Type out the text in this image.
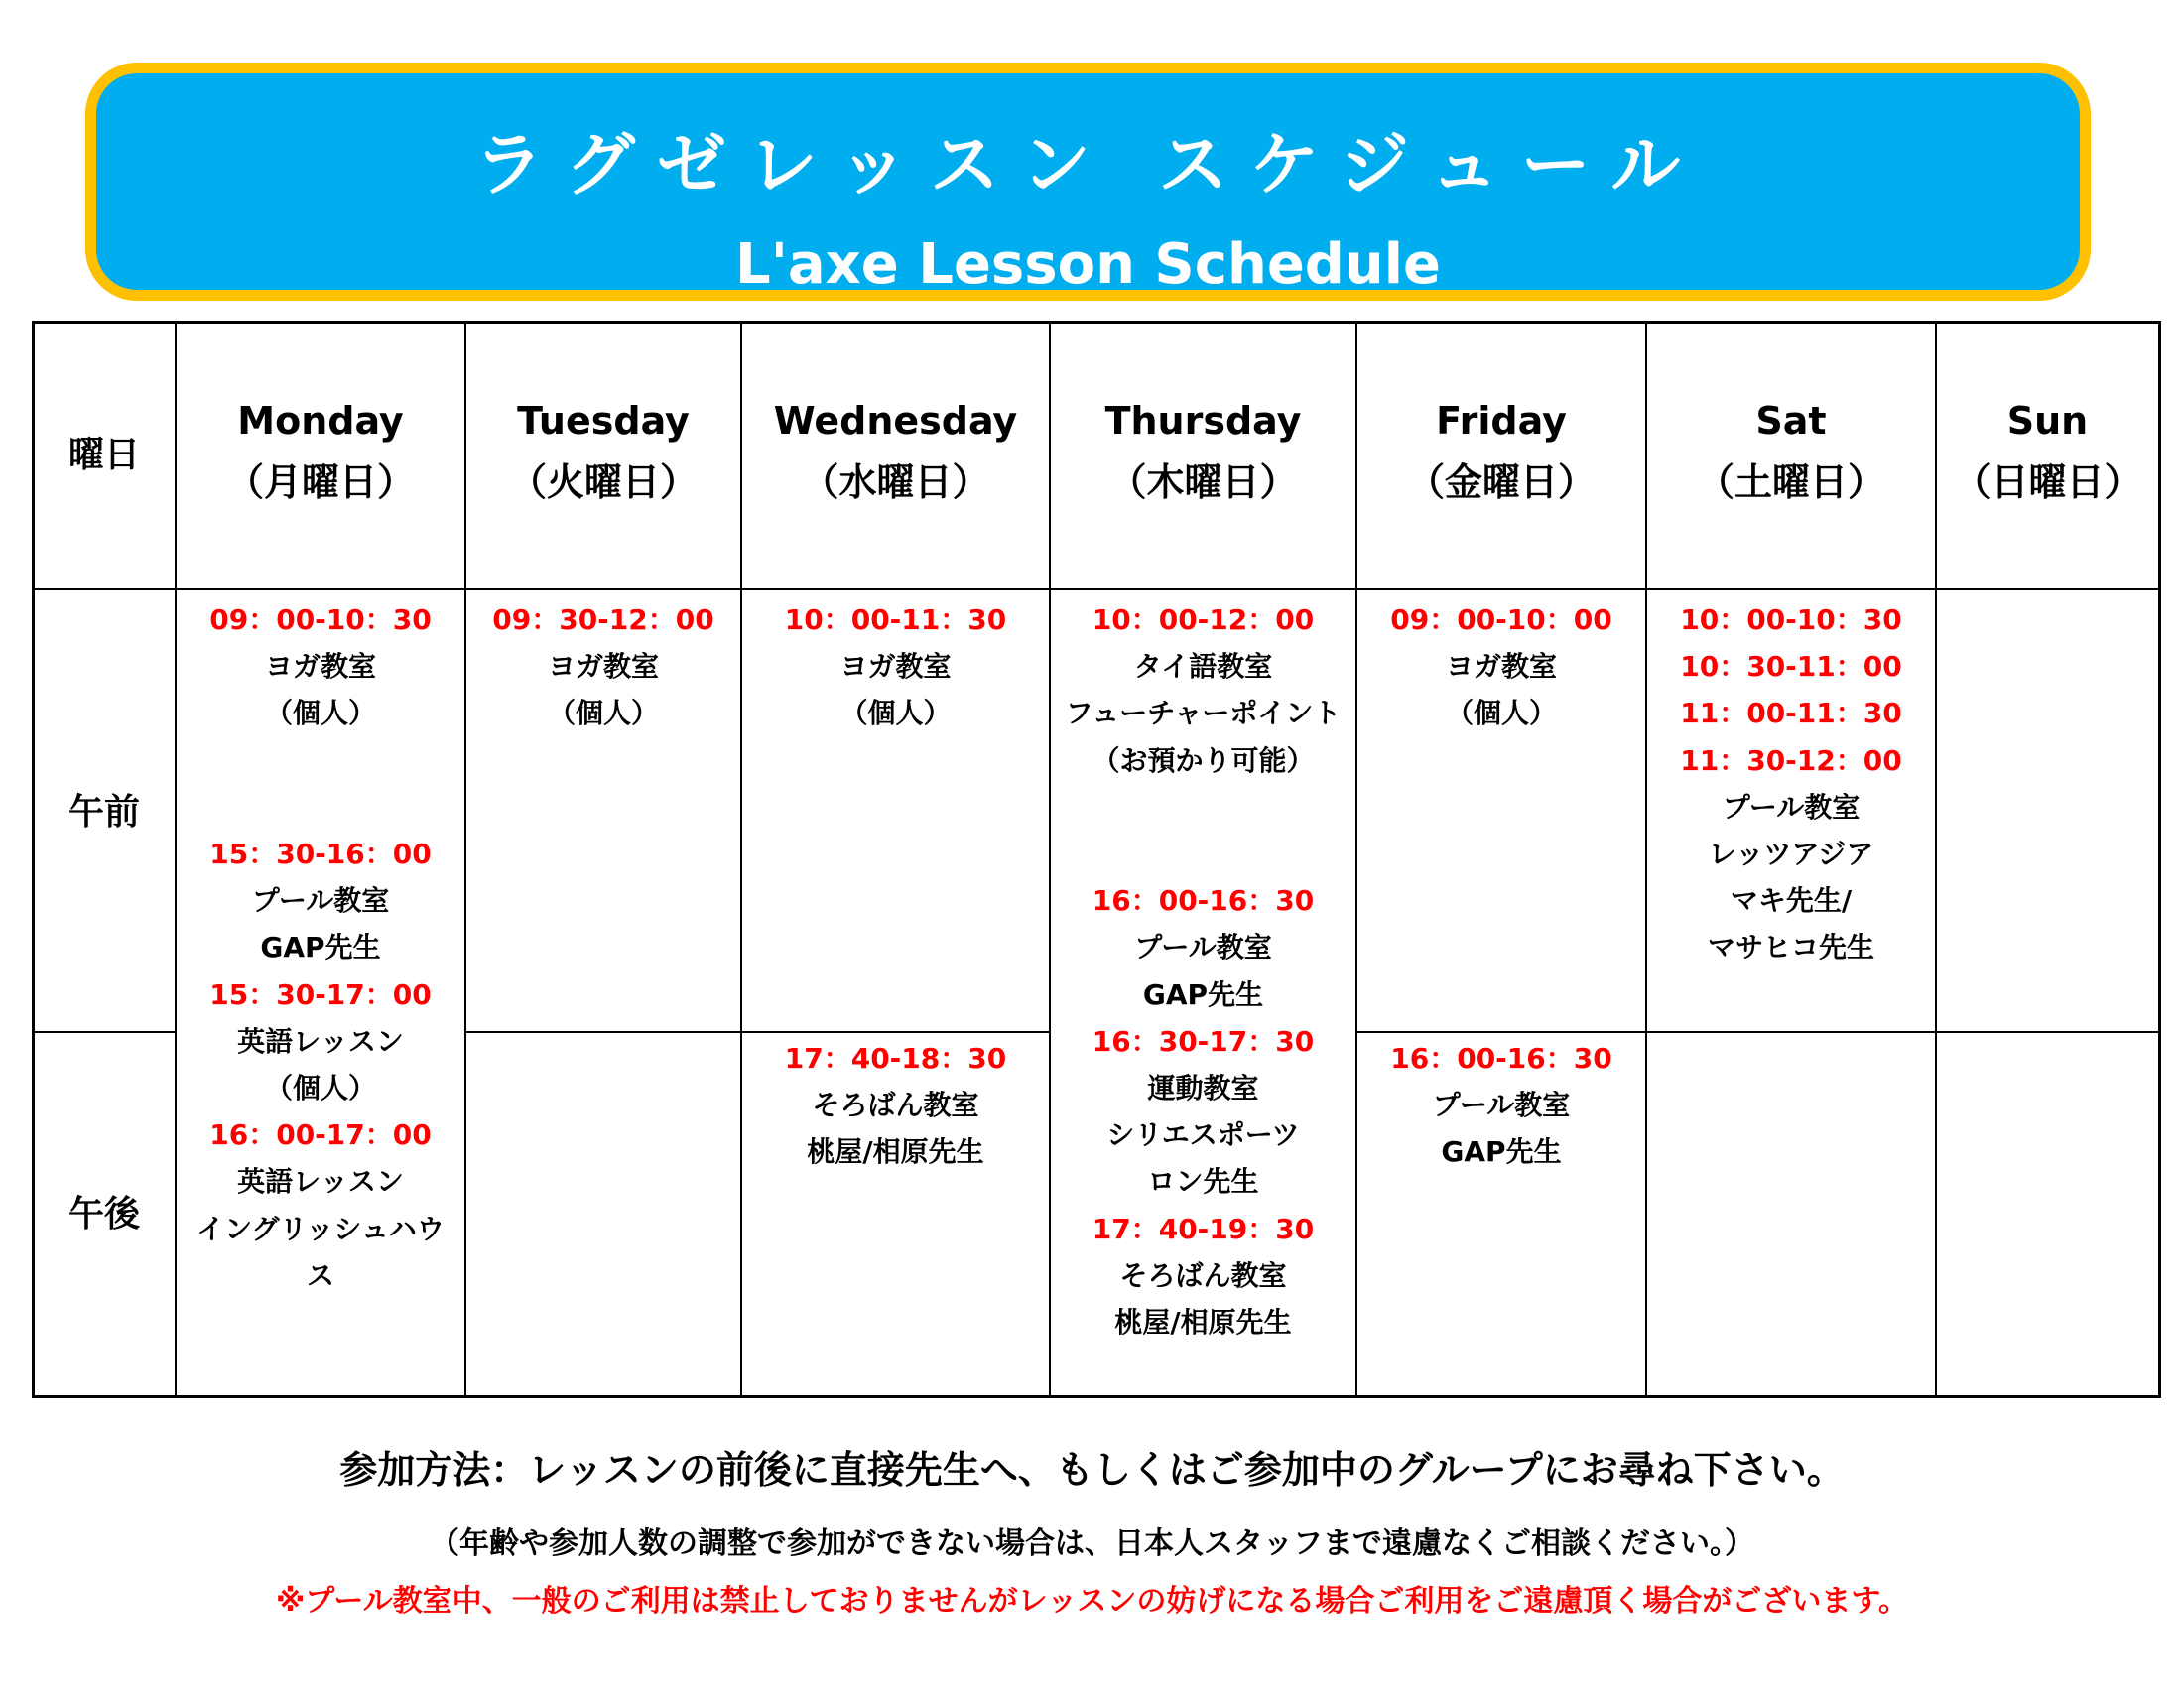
ラグゼレッスン スケジュール
L'axe Lesson Schedule
曜日
Monday
（月曜日）
Tuesday
（火曜日）
Wednesday
（水曜日）
Thursday
（木曜日）
Friday
（金曜日）
Sat
（土曜日）
Sun
（日曜日）
午前
午後
09：00-10：30
ヨガ教室
（個人）
15：30-16：00
プール教室
GAP先生
15：30-17：00
英語レッスン
（個人）
16：00-17：00
英語レッスン
イングリッシュハウ
ス
09：30-12：00
ヨガ教室
（個人）
10：00-11：30
ヨガ教室
（個人）
17：40-18：30
そろばん教室
桃屋/相原先生
10：00-12：00
タイ語教室
フューチャーポイント
（お預かり可能）
16：00-16：30
プール教室
GAP先生
16：30-17：30
運動教室
シリエスポーツ
ロン先生
17：40-19：30
そろばん教室
桃屋/相原先生
09：00-10：00
ヨガ教室
（個人）
16：00-16：30
プール教室
GAP先生
10：00-10：30
10：30-11：00
11：00-11：30
11：30-12：00
プール教室
レッツアジア
マキ先生/
マサヒコ先生
参加方法：レッスンの前後に直接先生へ、もしくはご参加中のグループにお尋ね下さい。
（年齢や参加人数の調整で参加ができない場合は、日本人スタッフまで遠慮なくご相談ください。）
※プール教室中、一般のご利用は禁止しておりませんがレッスンの妨げになる場合ご利用をご遠慮頂く場合がございます。
